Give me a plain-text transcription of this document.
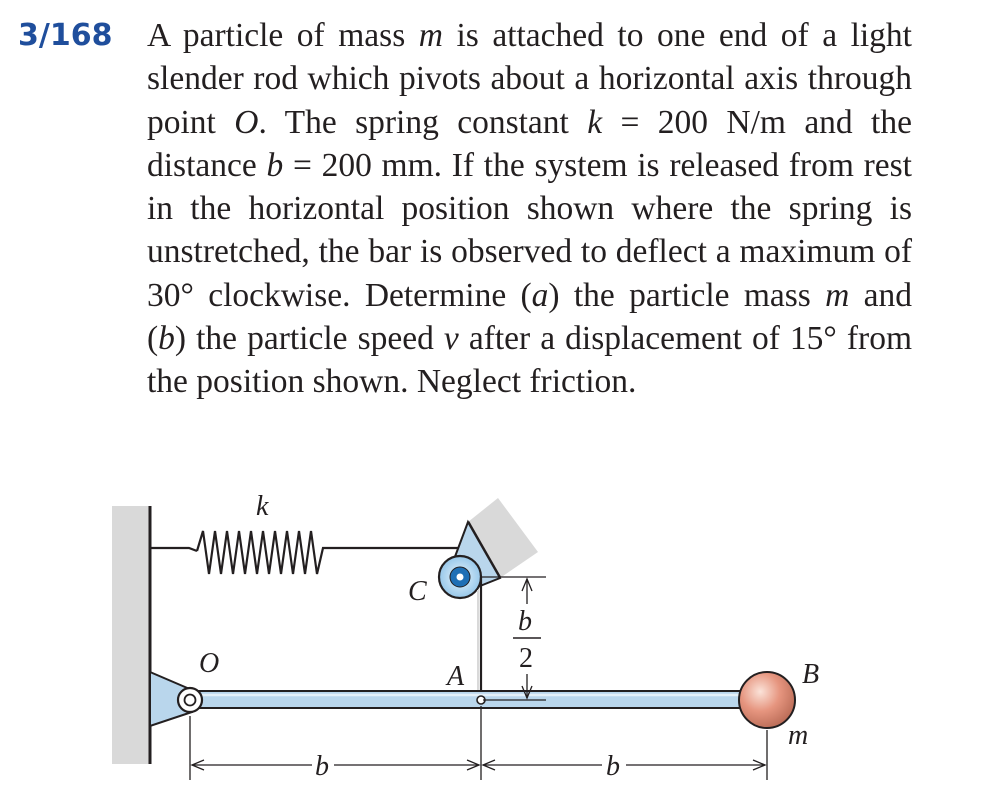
3/168 A particle of mass m is attached to one end of a light slender rod which pivots about a horizontal axis through point O. The spring constant k = 200 N/m and the distance b = 200 mm. If the system is released from rest in the horizontal position shown where the spring is unstretched, the bar is observed to deflect a maximum of 30° clockwise. Determine (a) the particle mass m and (b) the particle speed v after a displacement of 15° from the position shown. Neglect friction.
k
C
O	A	B
m
b
2
b	b
